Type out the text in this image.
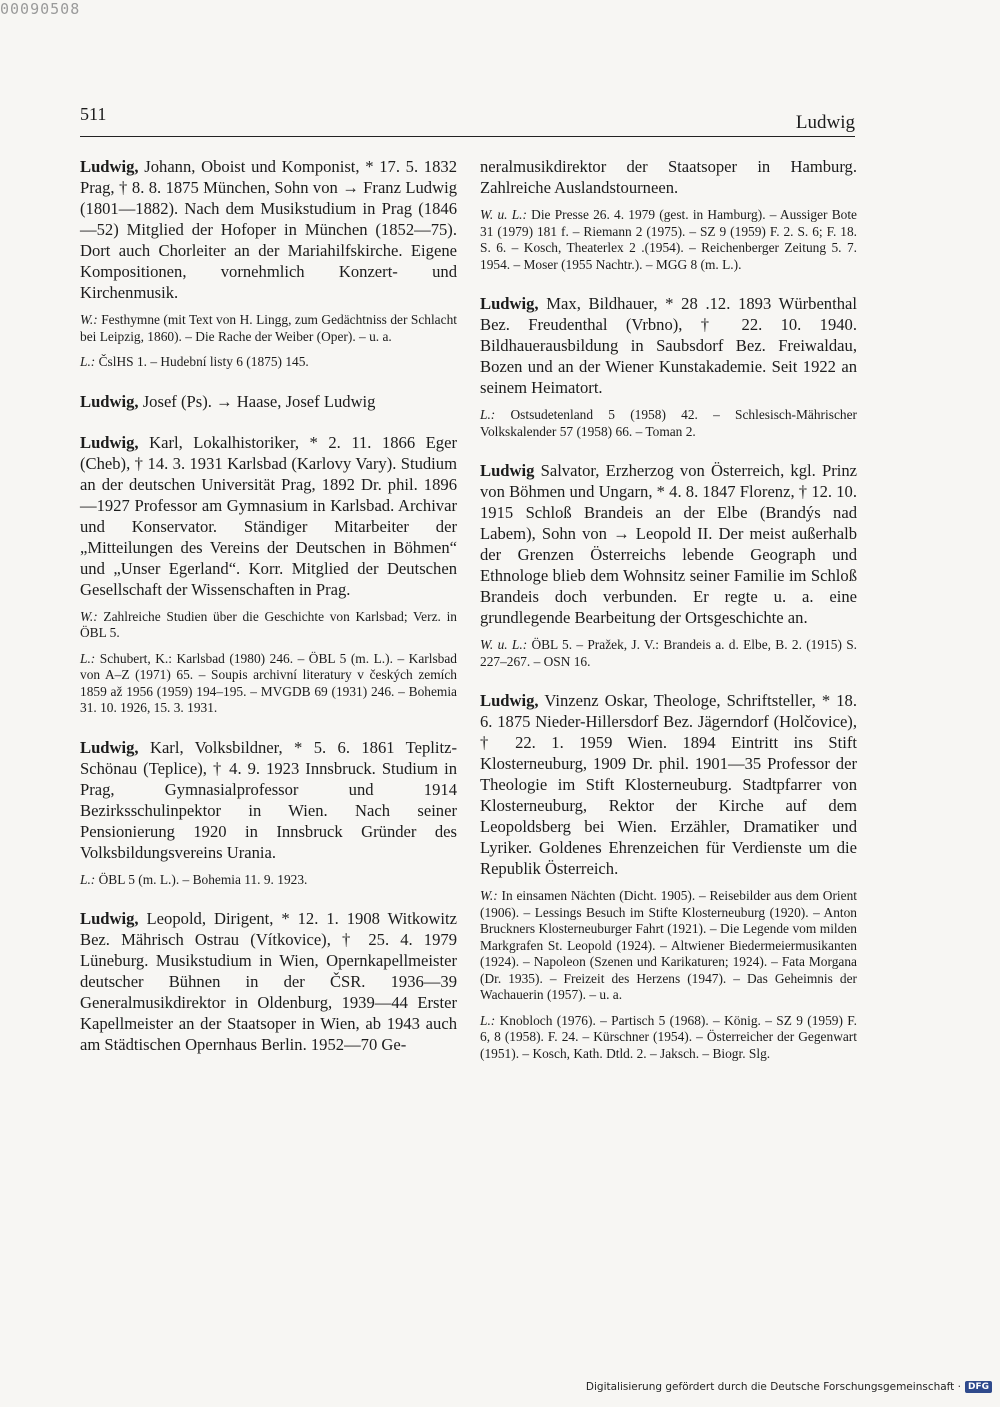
00090508
511	Ludwig

Ludwig, Johann, Oboist und Komponist, * 17. 5. 1832 Prag, † 8. 8. 1875 München, Sohn von → Franz Ludwig (1801—1882). Nach dem Musikstudium in Prag (1846—52) Mitglied der Hofoper in München (1852—75). Dort auch Chorleiter an der Mariahilfskirche. Eigene Kompositionen, vornehmlich Konzert- und Kirchenmusik.

W.: Festhymne (mit Text von H. Lingg, zum Gedächtniss der Schlacht bei Leipzig, 1860). – Die Rache der Weiber (Oper). – u. a.

L.: ČslHS 1. – Hudební listy 6 (1875) 145.

Ludwig, Josef (Ps). → Haase, Josef Ludwig

Ludwig, Karl, Lokalhistoriker, * 2. 11. 1866 Eger (Cheb), † 14. 3. 1931 Karlsbad (Karlovy Vary). Studium an der deutschen Universität Prag, 1892 Dr. phil. 1896—1927 Professor am Gymnasium in Karlsbad. Archivar und Konservator. Ständiger Mitarbeiter der „Mitteilungen des Vereins der Deutschen in Böhmen“ und „Unser Egerland“. Korr. Mitglied der Deutschen Gesellschaft der Wissenschaften in Prag.

W.: Zahlreiche Studien über die Geschichte von Karlsbad; Verz. in ÖBL 5.

L.: Schubert, K.: Karlsbad (1980) 246. – ÖBL 5 (m. L.). – Karlsbad von A–Z (1971) 65. – Soupis archivní literatury v českých zemích 1859 až 1956 (1959) 194–195. – MVGDB 69 (1931) 246. – Bohemia 31. 10. 1926, 15. 3. 1931.

Ludwig, Karl, Volksbildner, * 5. 6. 1861 Teplitz-Schönau (Teplice), † 4. 9. 1923 Innsbruck. Studium in Prag, Gymnasialprofessor und 1914 Bezirksschulinpektor in Wien. Nach seiner Pensionierung 1920 in Innsbruck Gründer des Volksbildungsvereins Urania.

L.: ÖBL 5 (m. L.). – Bohemia 11. 9. 1923.

Ludwig, Leopold, Dirigent, * 12. 1. 1908 Witkowitz Bez. Mährisch Ostrau (Vítkovice), † 25. 4. 1979 Lüneburg. Musikstudium in Wien, Opernkapellmeister deutscher Bühnen in der ČSR. 1936—39 Generalmusikdirektor in Oldenburg, 1939—44 Erster Kapellmeister an der Staatsoper in Wien, ab 1943 auch am Städtischen Opernhaus Berlin. 1952—70 Ge-

neralmusikdirektor der Staatsoper in Hamburg. Zahlreiche Auslandstourneen.

W. u. L.: Die Presse 26. 4. 1979 (gest. in Hamburg). – Aussiger Bote 31 (1979) 181 f. – Riemann 2 (1975). – SZ 9 (1959) F. 2. S. 6; F. 18. S. 6. – Kosch, Theaterlex 2 .(1954). – Reichenberger Zeitung 5. 7. 1954. – Moser (1955 Nachtr.). – MGG 8 (m. L.).

Ludwig, Max, Bildhauer, * 28 .12. 1893 Würbenthal Bez. Freudenthal (Vrbno), † 22. 10. 1940. Bildhauerausbildung in Saubsdorf Bez. Freiwaldau, Bozen und an der Wiener Kunstakademie. Seit 1922 an seinem Heimatort.

L.: Ostsudetenland 5 (1958) 42. – Schlesisch-Mährischer Volkskalender 57 (1958) 66. – Toman 2.

Ludwig Salvator, Erzherzog von Österreich, kgl. Prinz von Böhmen und Ungarn, * 4. 8. 1847 Florenz, † 12. 10. 1915 Schloß Brandeis an der Elbe (Brandýs nad Labem), Sohn von → Leopold II. Der meist außerhalb der Grenzen Österreichs lebende Geograph und Ethnologe blieb dem Wohnsitz seiner Familie im Schloß Brandeis doch verbunden. Er regte u. a. eine grundlegende Bearbeitung der Ortsgeschichte an.

W. u. L.: ÖBL 5. – Pražek, J. V.: Brandeis a. d. Elbe, B. 2. (1915) S. 227–267. – OSN 16.

Ludwig, Vinzenz Oskar, Theologe, Schriftsteller, * 18. 6. 1875 Nieder-Hillersdorf Bez. Jägerndorf (Holčovice), † 22. 1. 1959 Wien. 1894 Eintritt ins Stift Klosterneuburg, 1909 Dr. phil. 1901—35 Professor der Theologie im Stift Klosterneuburg. Stadtpfarrer von Klosterneuburg, Rektor der Kirche auf dem Leopoldsberg bei Wien. Erzähler, Dramatiker und Lyriker. Goldenes Ehrenzeichen für Verdienste um die Republik Österreich.

W.: In einsamen Nächten (Dicht. 1905). – Reisebilder aus dem Orient (1906). – Lessings Besuch im Stifte Klosterneuburg (1920). – Anton Bruckners Klosterneuburger Fahrt (1921). – Die Legende vom milden Markgrafen St. Leopold (1924). – Altwiener Biedermeiermusikanten (1924). – Napoleon (Szenen und Karikaturen; 1924). – Fata Morgana (Dr. 1935). – Freizeit des Herzens (1947). – Das Geheimnis der Wachauerin (1957). – u. a.

L.: Knobloch (1976). – Partisch 5 (1968). – König. – SZ 9 (1959) F. 6, 8 (1958). F. 24. – Kürschner (1954). – Österreicher der Gegenwart (1951). – Kosch, Kath. Dtld. 2. – Jaksch. – Biogr. Slg.

Digitalisierung gefördert durch die Deutsche Forschungsgemeinschaft · DFG
